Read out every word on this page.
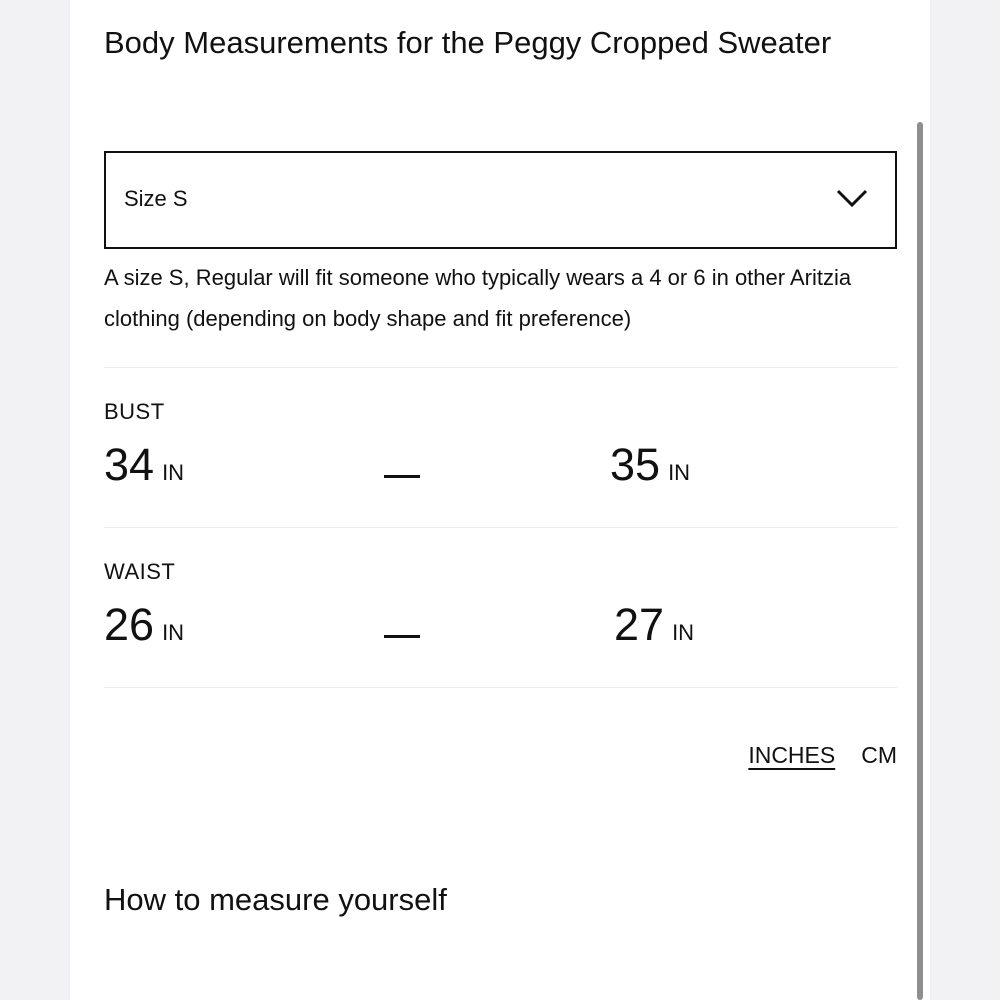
Body Measurements for the Peggy Cropped Sweater
Size S

A size S, Regular will fit someone who typically wears a 4 or 6 in other Aritzia clothing (depending on body shape and fit preference)

BUST
34 IN	35 IN
WAIST
26 IN	27 IN
INCHES CM
How to measure yourself
